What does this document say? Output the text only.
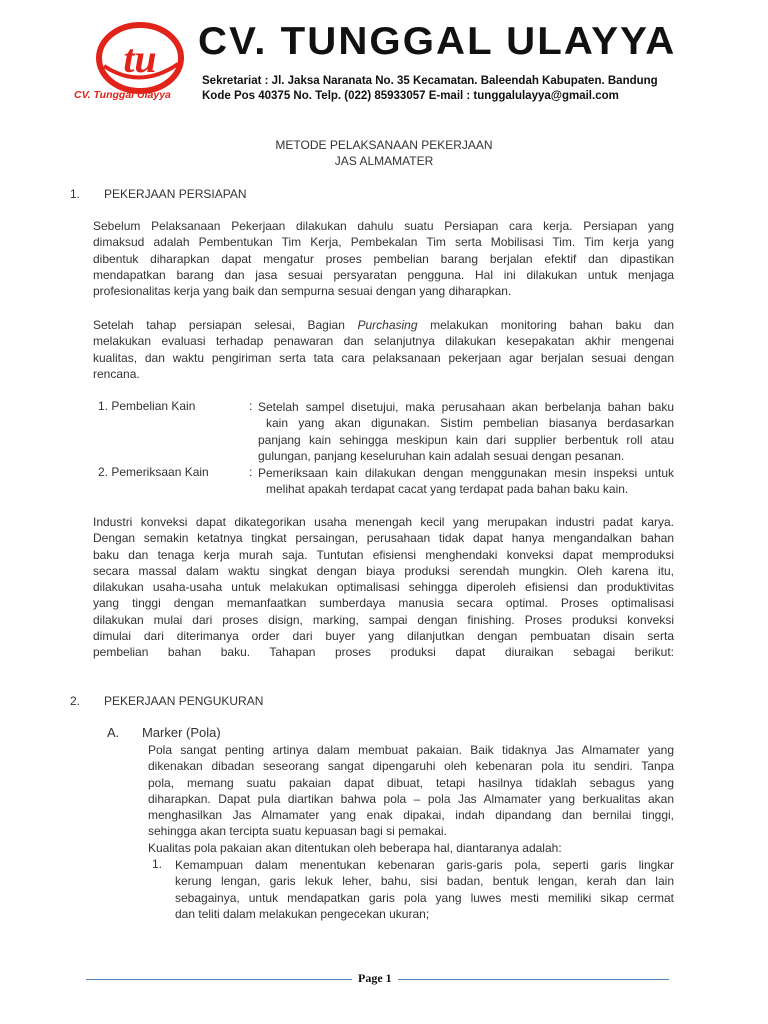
tu
CV. Tunggal Ulayya
CV. TUNGGAL ULAYYA
Sekretariat : Jl. Jaksa Naranata No. 35 Kecamatan. Baleendah Kabupaten. Bandung
Kode Pos 40375 No. Telp. (022) 85933057 E-mail : tunggalulayya@gmail.com
METODE PELAKSANAAN PEKERJAAN
JAS ALMAMATER
1. PEKERJAAN PERSIAPAN
Sebelum Pelaksanaan Pekerjaan dilakukan dahulu suatu Persiapan cara kerja. Persiapan yang
dimaksud adalah Pembentukan Tim Kerja, Pembekalan Tim serta Mobilisasi Tim. Tim kerja yang
dibentuk diharapkan dapat mengatur proses pembelian barang berjalan efektif dan dipastikan
mendapatkan barang dan jasa sesuai persyaratan pengguna. Hal ini dilakukan untuk menjaga
profesionalitas kerja yang baik dan sempurna sesuai dengan yang diharapkan.
Setelah tahap persiapan selesai, Bagian Purchasing melakukan monitoring bahan baku dan
melakukan evaluasi terhadap penawaran dan selanjutnya dilakukan kesepakatan akhir mengenai
kualitas, dan waktu pengiriman serta tata cara pelaksanaan pekerjaan agar berjalan sesuai dengan
rencana.
1. Pembelian Kain	: Setelah sampel disetujui, maka perusahaan akan berbelanja bahan baku
kain yang akan digunakan. Sistim pembelian biasanya berdasarkan
panjang kain sehingga meskipun kain dari supplier berbentuk roll atau
gulungan, panjang keseluruhan kain adalah sesuai dengan pesanan.
2. Pemeriksaan Kain	: Pemeriksaan kain dilakukan dengan menggunakan mesin inspeksi untuk
melihat apakah terdapat cacat yang terdapat pada bahan baku kain.
Industri konveksi dapat dikategorikan usaha menengah kecil yang merupakan industri padat karya.
Dengan semakin ketatnya tingkat persaingan, perusahaan tidak dapat hanya mengandalkan bahan
baku dan tenaga kerja murah saja. Tuntutan efisiensi menghendaki konveksi dapat memproduksi
secara massal dalam waktu singkat dengan biaya produksi serendah mungkin. Oleh karena itu,
dilakukan usaha-usaha untuk melakukan optimalisasi sehingga diperoleh efisiensi dan produktivitas
yang tinggi dengan memanfaatkan sumberdaya manusia secara optimal. Proses optimalisasi
dilakukan mulai dari proses disign, marking, sampai dengan finishing. Proses produksi konveksi
dimulai dari diterimanya order dari buyer yang dilanjutkan dengan pembuatan disain serta
pembelian bahan baku. Tahapan proses produksi dapat diuraikan sebagai berikut:
2. PEKERJAAN PENGUKURAN
A. Marker (Pola)
Pola sangat penting artinya dalam membuat pakaian. Baik tidaknya Jas Almamater yang
dikenakan dibadan seseorang sangat dipengaruhi oleh kebenaran pola itu sendiri. Tanpa
pola, memang suatu pakaian dapat dibuat, tetapi hasilnya tidaklah sebagus yang
diharapkan. Dapat pula diartikan bahwa pola – pola Jas Almamater yang berkualitas akan
menghasilkan Jas Almamater yang enak dipakai, indah dipandang dan bernilai tinggi,
sehingga akan tercipta suatu kepuasan bagi si pemakai.
Kualitas pola pakaian akan ditentukan oleh beberapa hal, diantaranya adalah:
1. Kemampuan dalam menentukan kebenaran garis-garis pola, seperti garis lingkar
kerung lengan, garis lekuk leher, bahu, sisi badan, bentuk lengan, kerah dan lain
sebagainya, untuk mendapatkan garis pola yang luwes mesti memiliki sikap cermat
dan teliti dalam melakukan pengecekan ukuran;
Page 1
